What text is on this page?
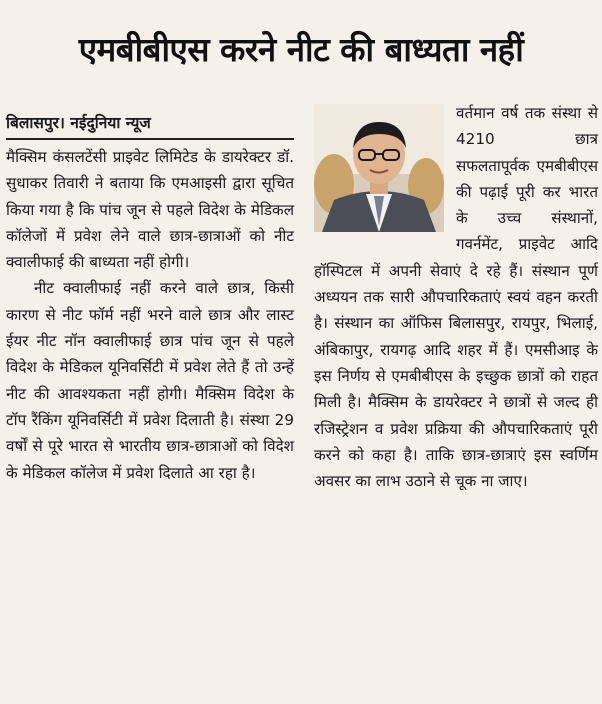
एमबीबीएस करने नीट की बाध्यता नहीं
बिलासपुर। नईदुनिया न्यूज

मैक्सिम कंसलटेंसी प्राइवेट लिमिटेड के डायरेक्टर डॉ. सुधाकर तिवारी ने बताया कि एमआइसी द्वारा सूचित किया गया है कि पांच जून से पहले विदेश के मेडिकल कॉलेजों में प्रवेश लेने वाले छात्र-छात्राओं को नीट क्वालीफाई की बाध्यता नहीं होगी।

नीट क्वालीफाई नहीं करने वाले छात्र, किसी कारण से नीट फॉर्म नहीं भरने वाले छात्र और लास्ट ईयर नीट नॉन क्वालीफाई छात्र पांच जून से पहले विदेश के मेडिकल यूनिवर्सिटी में प्रवेश लेते हैं तो उन्हें नीट की आवश्यकता नहीं होगी। मैक्सिम विदेश के टॉप रैंकिंग यूनिवर्सिटी में प्रवेश दिलाती है। संस्था 29 वर्षों से पूरे भारत से भारतीय छात्र-छात्राओं को विदेश के मेडिकल कॉलेज में प्रवेश दिलाते आ रहा है।

वर्तमान वर्ष तक संस्था से 4210 छात्र सफलतापूर्वक एमबीबीएस की पढ़ाई पूरी कर भारत के उच्च संस्थानों, गवर्नमेंट, प्राइवेट आदि हॉस्पिटल में अपनी सेवाएं दे रहे हैं। संस्थान पूर्ण अध्ययन तक सारी औपचारिकताएं स्वयं वहन करती है। संस्थान का ऑफिस बिलासपुर, रायपुर, भिलाई, अंबिकापुर, रायगढ़ आदि शहर में हैं। एमसीआइ के इस निर्णय से एमबीबीएस के इच्छुक छात्रों को राहत मिली है। मैक्सिम के डायरेक्टर ने छात्रों से जल्द ही रजिस्ट्रेशन व प्रवेश प्रक्रिया की औपचारिकताएं पूरी करने को कहा है। ताकि छात्र-छात्राएं इस स्वर्णिम अवसर का लाभ उठाने से चूक ना जाए।
